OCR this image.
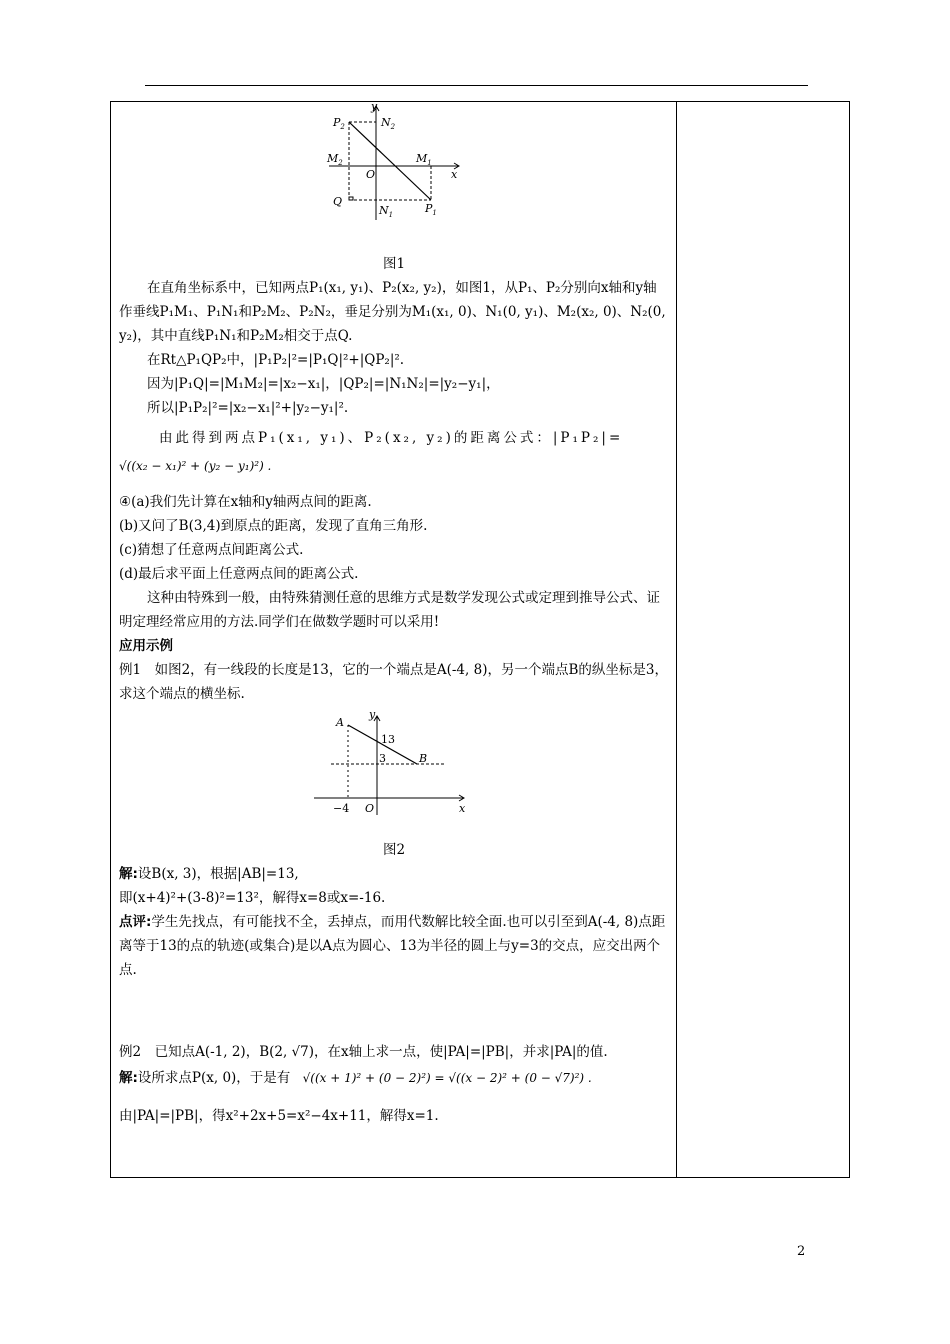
y
x
O
$P_2$	$N_2$
$M_2$	$M_1$
Q
$N_1$	$P_1$

图1

在直角坐标系中，已知两点P₁(x₁, y₁)、P₂(x₂, y₂)，如图1，从P₁、P₂分别向x轴和y轴作垂线P₁M₁、P₁N₁和P₂M₂、P₂N₂，垂足分别为M₁(x₁, 0)、N₁(0, y₁)、M₂(x₂, 0)、N₂(0, y₂)，其中直线P₁N₁和P₂M₂相交于点Q.

在Rt△P₁QP₂中，|P₁P₂|²=|P₁Q|²+|QP₂|².

因为|P₁Q|=|M₁M₂|=|x₂−x₁|，|QP₂|=|N₁N₂|=|y₂−y₁|，

所以|P₁P₂|²=|x₂−x₁|²+|y₂−y₁|².

由此得到两点P₁(x₁, y₁)、P₂(x₂, y₂)的距离公式：|P₁P₂|=

√((x₂ − x₁)² + (y₂ − y₁)²) .

④(a)我们先计算在x轴和y轴两点间的距离.

(b)又问了B(3,4)到原点的距离，发现了直角三角形.

(c)猜想了任意两点间距离公式.

(d)最后求平面上任意两点间的距离公式.

这种由特殊到一般，由特殊猜测任意的思维方式是数学发现公式或定理到推导公式、证明定理经常应用的方法.同学们在做数学题时可以采用!

应用示例

例1　如图2，有一线段的长度是13，它的一个端点是A(-4, 8)，另一个端点B的纵坐标是3，求这个端点的横坐标.

y
x
A
B
13
3
−4 O

图2

解:设B(x, 3)，根据|AB|=13,

即(x+4)²+(3-8)²=13²，解得x=8或x=-16.

点评:学生先找点，有可能找不全，丢掉点，而用代数解比较全面.也可以引至到A(-4, 8)点距离等于13的点的轨迹(或集合)是以A点为圆心、13为半径的圆上与y=3的交点，应交出两个点.

例2　已知点A(-1, 2)，B(2, √7)，在x轴上求一点，使|PA|=|PB|，并求|PA|的值.

解:设所求点P(x, 0)，于是有 √((x + 1)² + (0 − 2)²) = √((x − 2)² + (0 − √7)²) .

由|PA|=|PB|，得x²+2x+5=x²−4x+11，解得x=1.

2
